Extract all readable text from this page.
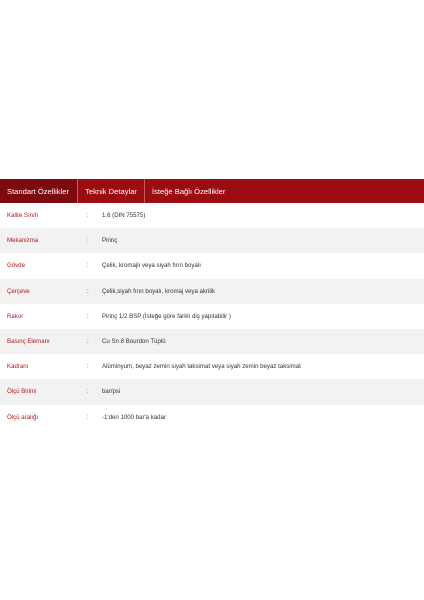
Standart Özellikler	Teknik Detaylar	İsteğe Bağlı Özellikler
Kalite Sınıfı	:	1.6 (DIN 75575)
Mekanizma	:	Pirinç
Gövde	:	Çelik, kromajlı veya siyah fırın boyalı
Çerçeve	:	Çelik,siyah fırın boyalı, kromaj veya akrilik
Rakor	:	Pirinç 1/2 BSP (İsteğe göre farklı diş yapılabilir )
Basınç Elemanı	:	Cu Sn 8 Bourdon Tüplü
Kadranı	:	Alüminyum, beyaz zemin siyah taksimat veya siyah zemin beyaz taksimat
Ölçü Birimi	:	bar/psi
Ölçü aralığı	:	-1'den 1000 bar'a kadar
